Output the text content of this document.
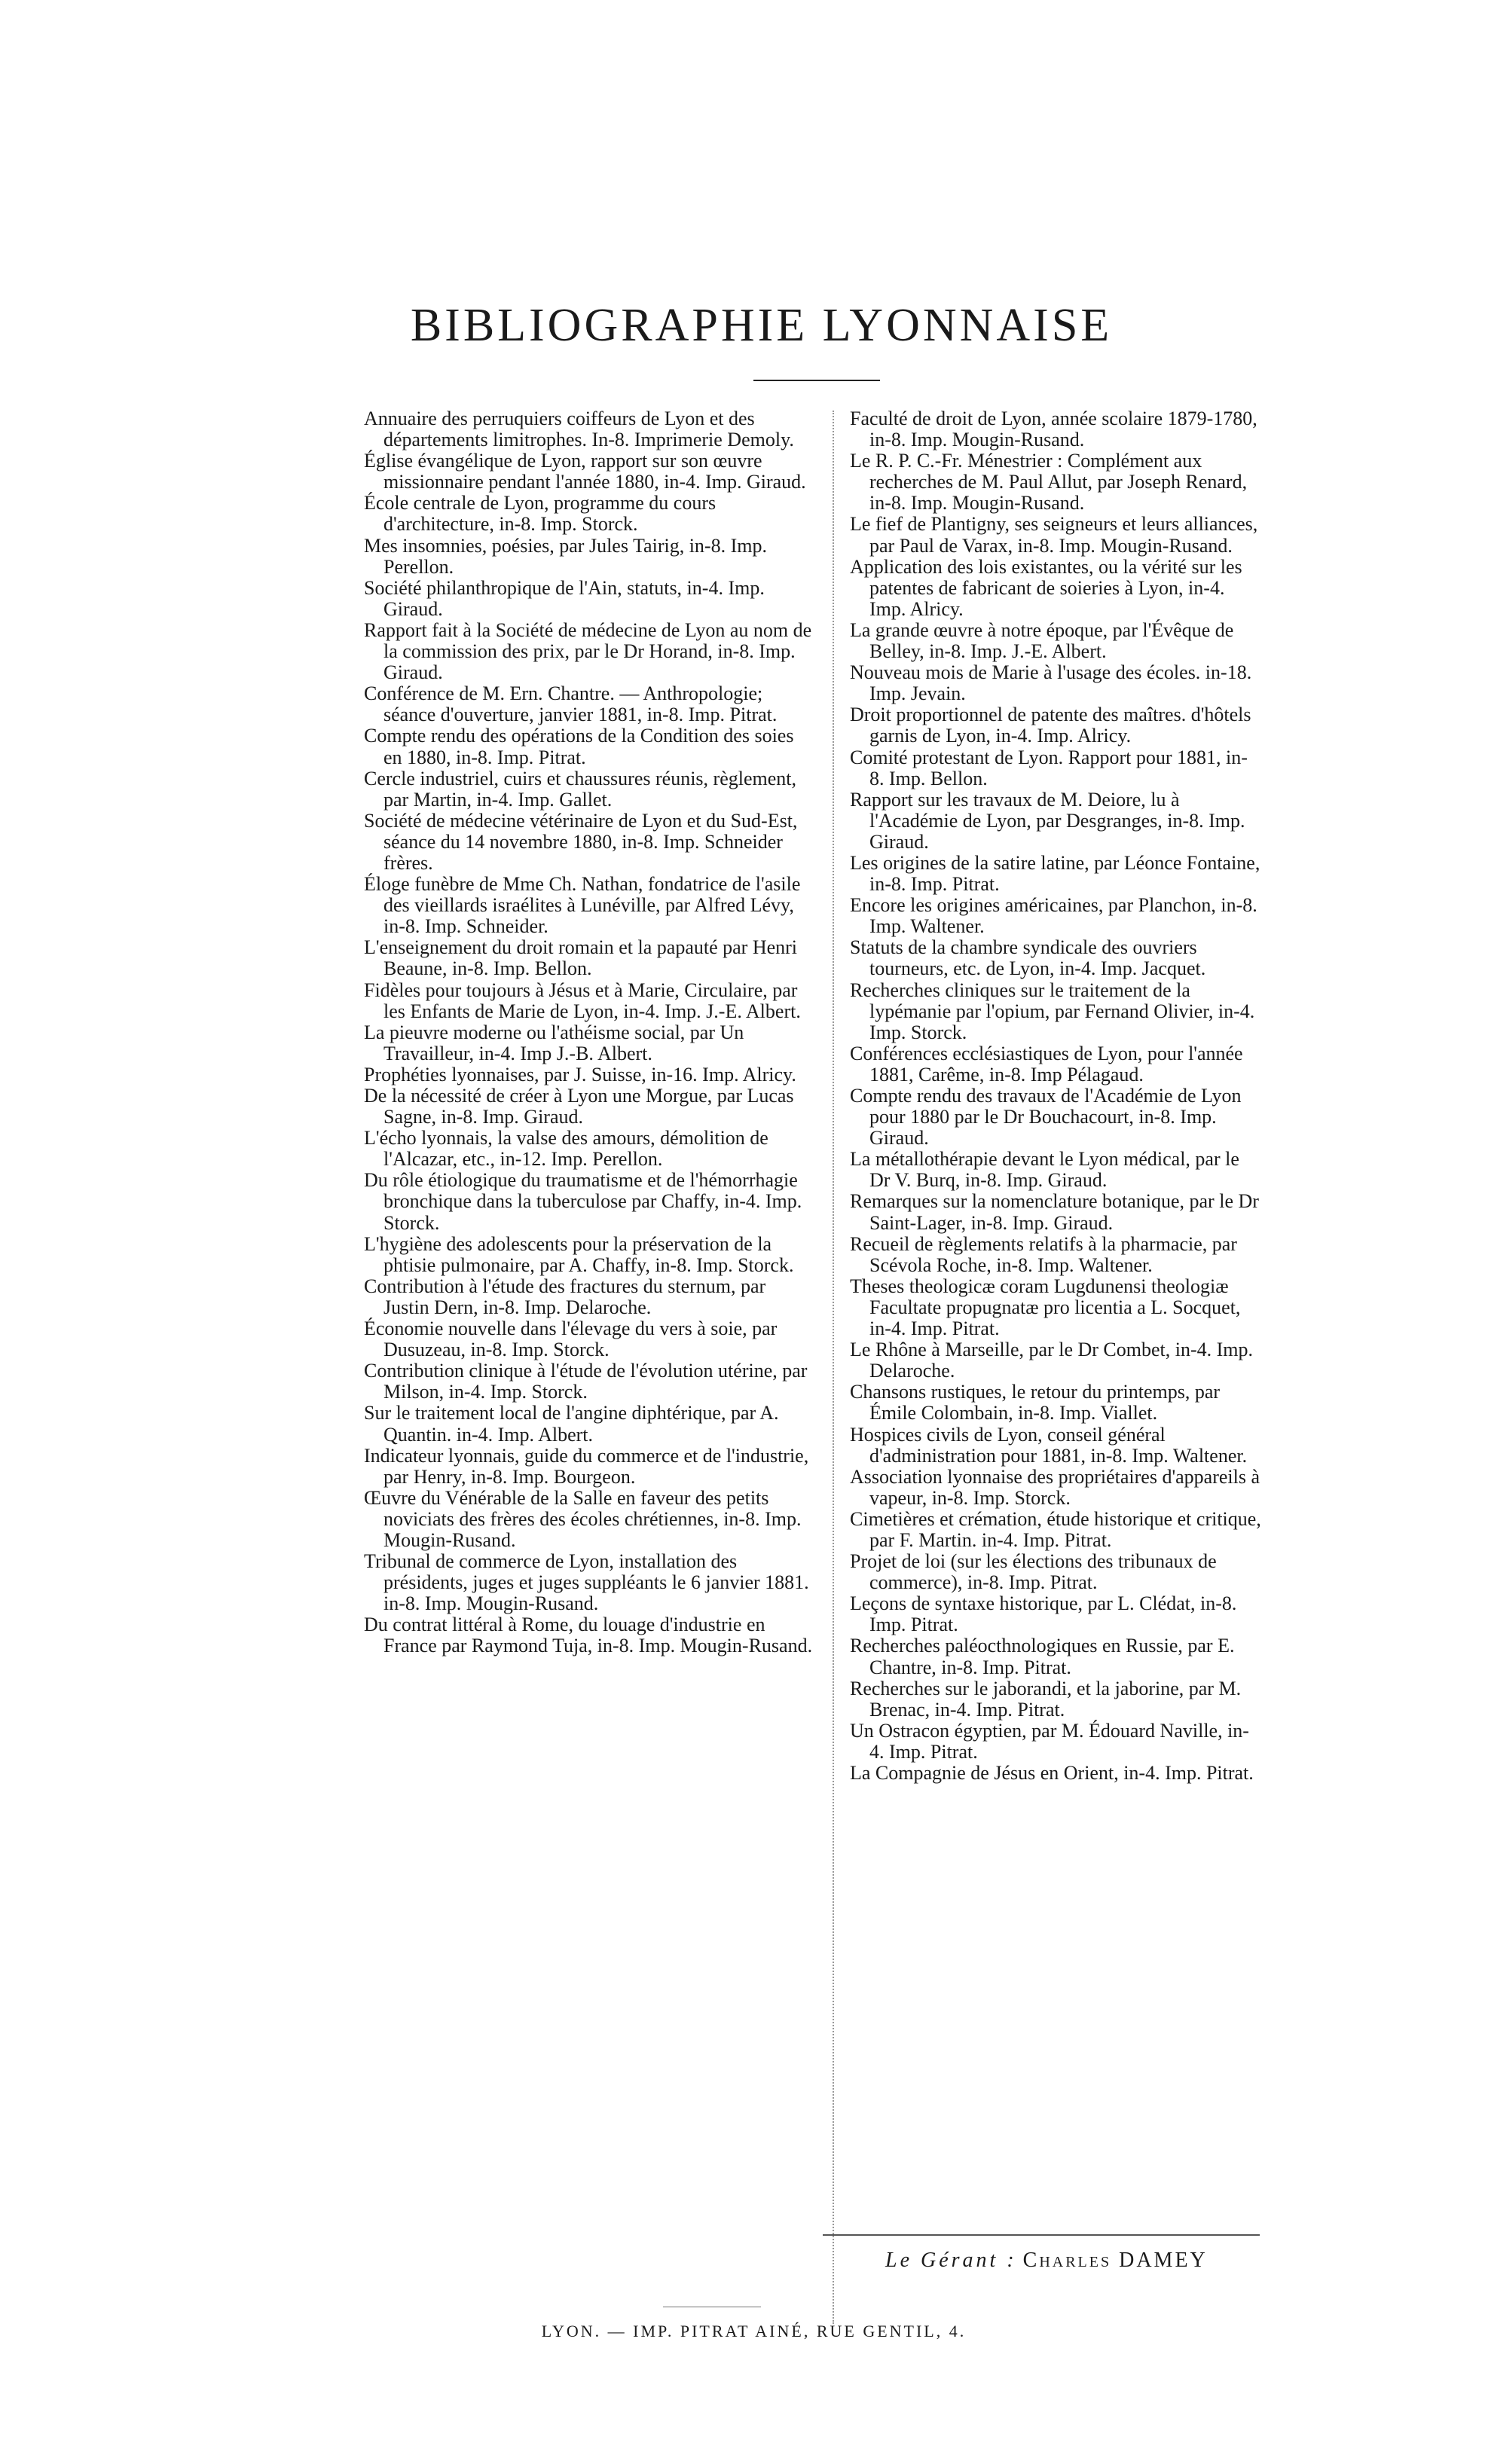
BIBLIOGRAPHIE LYONNAISE
Annuaire des perruquiers coiffeurs de Lyon et des départements limitrophes. In-8. Imprimerie Demoly.
Église évangélique de Lyon, rapport sur son œuvre missionnaire pendant l'année 1880, in-4. Imp. Giraud.
École centrale de Lyon, programme du cours d'architecture, in-8. Imp. Storck.
Mes insomnies, poésies, par Jules Tairig, in-8. Imp. Perellon.
Société philanthropique de l'Ain, statuts, in-4. Imp. Giraud.
Rapport fait à la Société de médecine de Lyon au nom de la commission des prix, par le Dr Horand, in-8. Imp. Giraud.
Conférence de M. Ern. Chantre. — Anthropologie; séance d'ouverture, janvier 1881, in-8. Imp. Pitrat.
Compte rendu des opérations de la Condition des soies en 1880, in-8. Imp. Pitrat.
Cercle industriel, cuirs et chaussures réunis, règlement, par Martin, in-4. Imp. Gallet.
Société de médecine vétérinaire de Lyon et du Sud-Est, séance du 14 novembre 1880, in-8. Imp. Schneider frères.
Éloge funèbre de Mme Ch. Nathan, fondatrice de l'asile des vieillards israélites à Lunéville, par Alfred Lévy, in-8. Imp. Schneider.
L'enseignement du droit romain et la papauté par Henri Beaune, in-8. Imp. Bellon.
Fidèles pour toujours à Jésus et à Marie, Circulaire, par les Enfants de Marie de Lyon, in-4. Imp. J.-E. Albert.
La pieuvre moderne ou l'athéisme social, par Un Travailleur, in-4. Imp J.-B. Albert.
Prophéties lyonnaises, par J. Suisse, in-16. Imp. Alricy.
De la nécessité de créer à Lyon une Morgue, par Lucas Sagne, in-8. Imp. Giraud.
L'écho lyonnais, la valse des amours, démolition de l'Alcazar, etc., in-12. Imp. Perellon.
Du rôle étiologique du traumatisme et de l'hémorrhagie bronchique dans la tuberculose par Chaffy, in-4. Imp. Storck.
L'hygiène des adolescents pour la préservation de la phtisie pulmonaire, par A. Chaffy, in-8. Imp. Storck.
Contribution à l'étude des fractures du sternum, par Justin Dern, in-8. Imp. Delaroche.
Économie nouvelle dans l'élevage du vers à soie, par Dusuzeau, in-8. Imp. Storck.
Contribution clinique à l'étude de l'évolution utérine, par Milson, in-4. Imp. Storck.
Sur le traitement local de l'angine diphtérique, par A. Quantin. in-4. Imp. Albert.
Indicateur lyonnais, guide du commerce et de l'industrie, par Henry, in-8. Imp. Bourgeon.
Œuvre du Vénérable de la Salle en faveur des petits noviciats des frères des écoles chrétiennes, in-8. Imp. Mougin-Rusand.
Tribunal de commerce de Lyon, installation des présidents, juges et juges suppléants le 6 janvier 1881. in-8. Imp. Mougin-Rusand.
Du contrat littéral à Rome, du louage d'industrie en France par Raymond Tuja, in-8. Imp. Mougin-Rusand.
Faculté de droit de Lyon, année scolaire 1879-1780, in-8. Imp. Mougin-Rusand.
Le R. P. C.-Fr. Ménestrier : Complément aux recherches de M. Paul Allut, par Joseph Renard, in-8. Imp. Mougin-Rusand.
Le fief de Plantigny, ses seigneurs et leurs alliances, par Paul de Varax, in-8. Imp. Mougin-Rusand.
Application des lois existantes, ou la vérité sur les patentes de fabricant de soieries à Lyon, in-4. Imp. Alricy.
La grande œuvre à notre époque, par l'Évêque de Belley, in-8. Imp. J.-E. Albert.
Nouveau mois de Marie à l'usage des écoles. in-18. Imp. Jevain.
Droit proportionnel de patente des maîtres. d'hôtels garnis de Lyon, in-4. Imp. Alricy.
Comité protestant de Lyon. Rapport pour 1881, in-8. Imp. Bellon.
Rapport sur les travaux de M. Deiore, lu à l'Académie de Lyon, par Desgranges, in-8. Imp. Giraud.
Les origines de la satire latine, par Léonce Fontaine, in-8. Imp. Pitrat.
Encore les origines américaines, par Planchon, in-8. Imp. Waltener.
Statuts de la chambre syndicale des ouvriers tourneurs, etc. de Lyon, in-4. Imp. Jacquet.
Recherches cliniques sur le traitement de la lypémanie par l'opium, par Fernand Olivier, in-4. Imp. Storck.
Conférences ecclésiastiques de Lyon, pour l'année 1881, Carême, in-8. Imp Pélagaud.
Compte rendu des travaux de l'Académie de Lyon pour 1880 par le Dr Bouchacourt, in-8. Imp. Giraud.
La métallothérapie devant le Lyon médical, par le Dr V. Burq, in-8. Imp. Giraud.
Remarques sur la nomenclature botanique, par le Dr Saint-Lager, in-8. Imp. Giraud.
Recueil de règlements relatifs à la pharmacie, par Scévola Roche, in-8. Imp. Waltener.
Theses theologicæ coram Lugdunensi theologiæ Facultate propugnatæ pro licentia a L. Socquet, in-4. Imp. Pitrat.
Le Rhône à Marseille, par le Dr Combet, in-4. Imp. Delaroche.
Chansons rustiques, le retour du printemps, par Émile Colombain, in-8. Imp. Viallet.
Hospices civils de Lyon, conseil général d'administration pour 1881, in-8. Imp. Waltener.
Association lyonnaise des propriétaires d'appareils à vapeur, in-8. Imp. Storck.
Cimetières et crémation, étude historique et critique, par F. Martin. in-4. Imp. Pitrat.
Projet de loi (sur les élections des tribunaux de commerce), in-8. Imp. Pitrat.
Leçons de syntaxe historique, par L. Clédat, in-8. Imp. Pitrat.
Recherches paléocthnologiques en Russie, par E. Chantre, in-8. Imp. Pitrat.
Recherches sur le jaborandi, et la jaborine, par M. Brenac, in-4. Imp. Pitrat.
Un Ostracon égyptien, par M. Édouard Naville, in-4. Imp. Pitrat.
La Compagnie de Jésus en Orient, in-4. Imp. Pitrat.
Le Gérant : Charles DAMEY
LYON. — IMP. PITRAT AINÉ, RUE GENTIL, 4.
